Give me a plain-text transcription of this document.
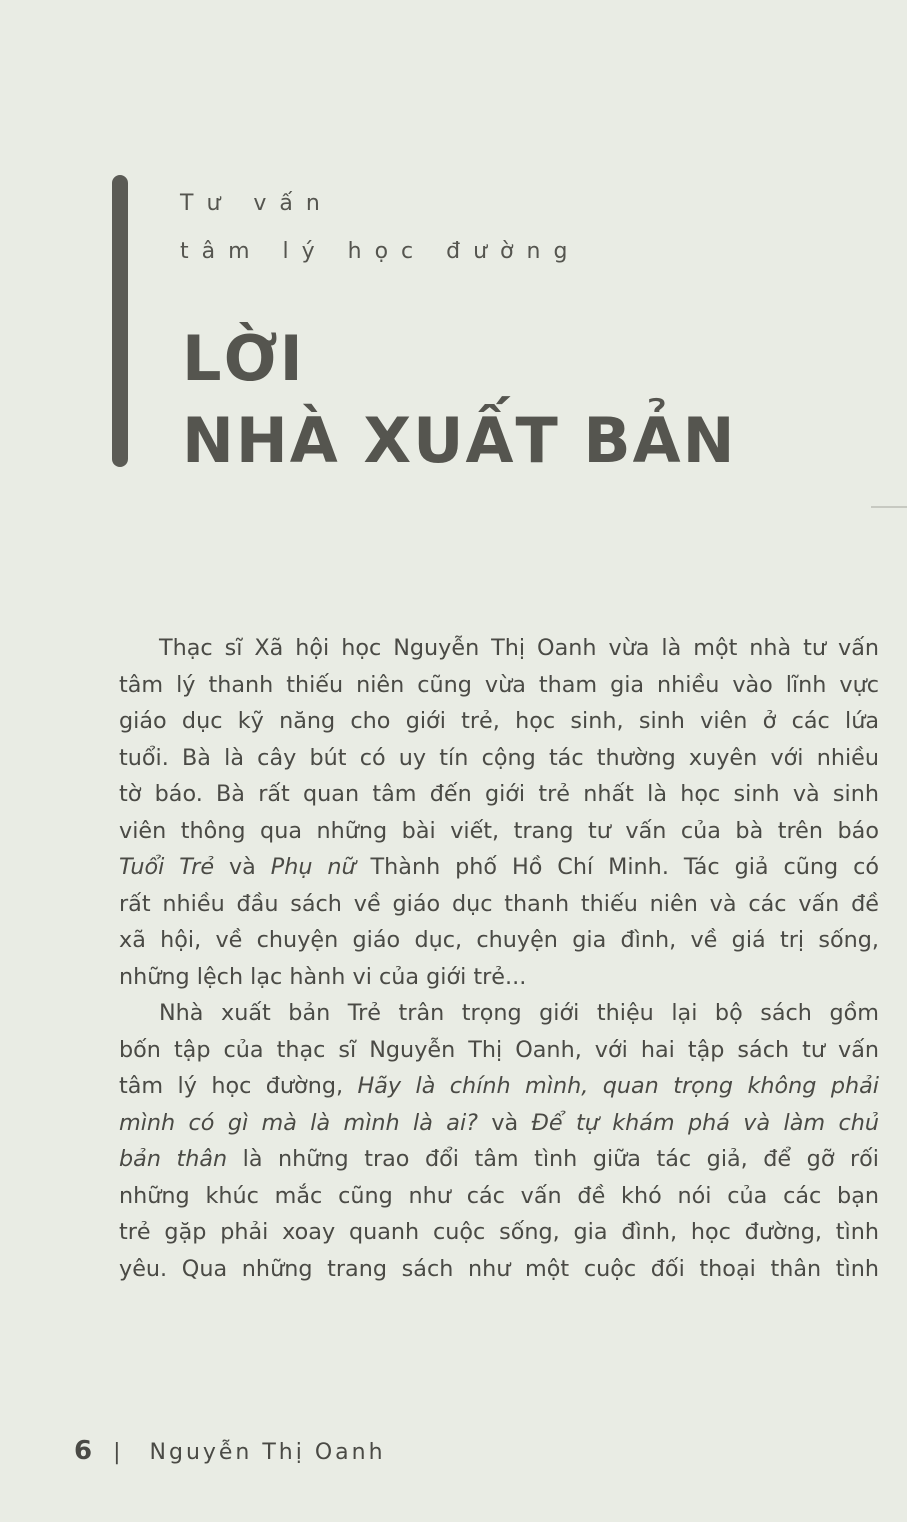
Tư vấn
tâm lý học đường
LỜI
NHÀ XUẤT BẢN
Thạc sĩ Xã hội học Nguyễn Thị Oanh vừa là một nhà tư vấn
tâm lý thanh thiếu niên cũng vừa tham gia nhiều vào lĩnh vực
giáo dục kỹ năng cho giới trẻ, học sinh, sinh viên ở các lứa
tuổi. Bà là cây bút có uy tín cộng tác thường xuyên với nhiều
tờ báo. Bà rất quan tâm đến giới trẻ nhất là học sinh và sinh
viên thông qua những bài viết, trang tư vấn của bà trên báo
Tuổi Trẻ và Phụ nữ Thành phố Hồ Chí Minh. Tác giả cũng có
rất nhiều đầu sách về giáo dục thanh thiếu niên và các vấn đề
xã hội, về chuyện giáo dục, chuyện gia đình, về giá trị sống,
những lệch lạc hành vi của giới trẻ...
Nhà xuất bản Trẻ trân trọng giới thiệu lại bộ sách gồm
bốn tập của thạc sĩ Nguyễn Thị Oanh, với hai tập sách tư vấn
tâm lý học đường, Hãy là chính mình, quan trọng không phải
mình có gì mà là mình là ai? và Để tự khám phá và làm chủ
bản thân là những trao đổi tâm tình giữa tác giả, để gỡ rối
những khúc mắc cũng như các vấn đề khó nói của các bạn
trẻ gặp phải xoay quanh cuộc sống, gia đình, học đường, tình
yêu. Qua những trang sách như một cuộc đối thoại thân tình
6 | Nguyễn Thị Oanh
